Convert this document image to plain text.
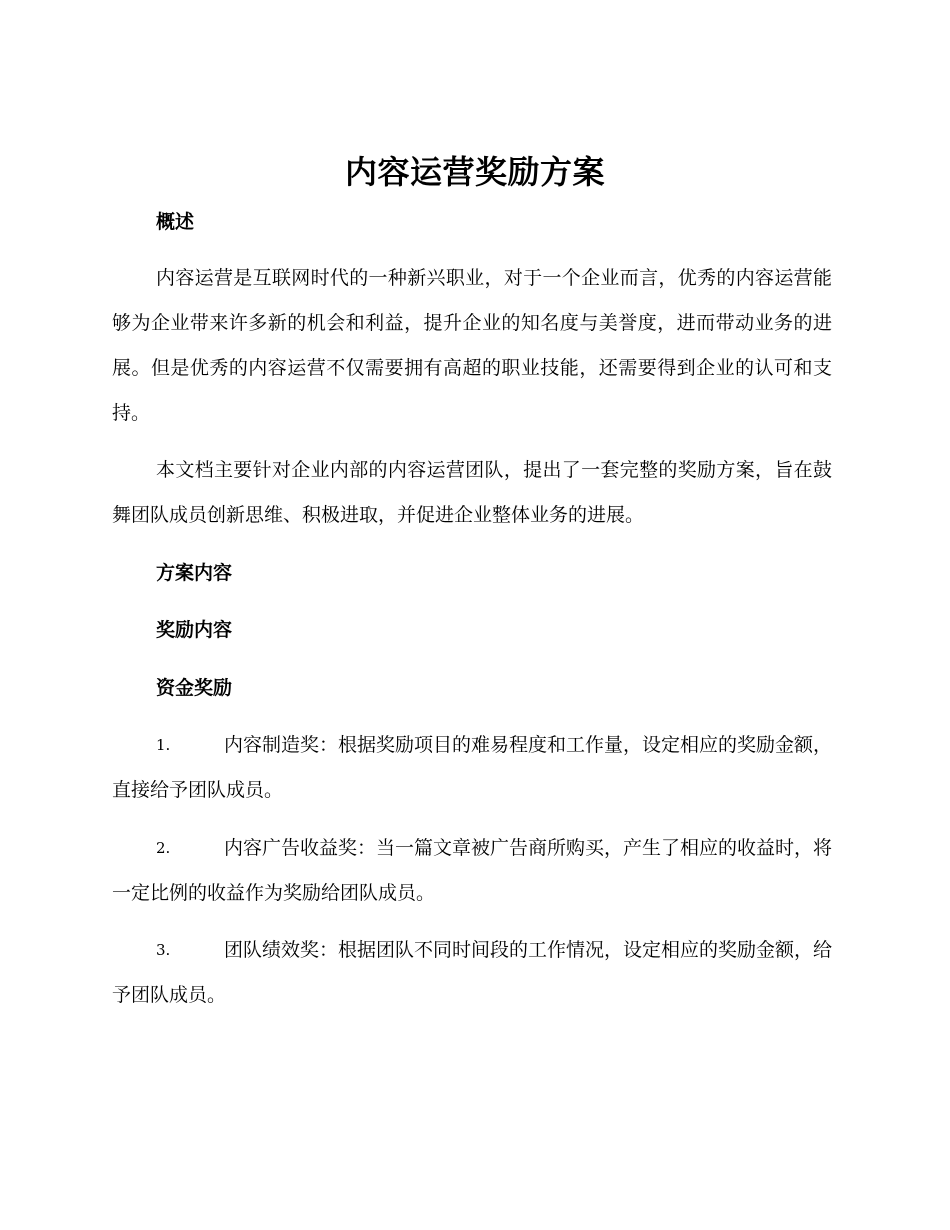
内容运营奖励方案
概述
内容运营是互联网时代的一种新兴职业，对于一个企业而言，优秀的内容运营能够为企业带来许多新的机会和利益，提升企业的知名度与美誉度，进而带动业务的进展。但是优秀的内容运营不仅需要拥有高超的职业技能，还需要得到企业的认可和支持。
本文档主要针对企业内部的内容运营团队，提出了一套完整的奖励方案，旨在鼓舞团队成员创新思维、积极进取，并促进企业整体业务的进展。
方案内容
奖励内容
资金奖励
1.	内容制造奖：根据奖励项目的难易程度和工作量，设定相应的奖励金额，直接给予团队成员。
2.	内容广告收益奖：当一篇文章被广告商所购买，产生了相应的收益时，将一定比例的收益作为奖励给团队成员。
3.	团队绩效奖：根据团队不同时间段的工作情况，设定相应的奖励金额，给予团队成员。
